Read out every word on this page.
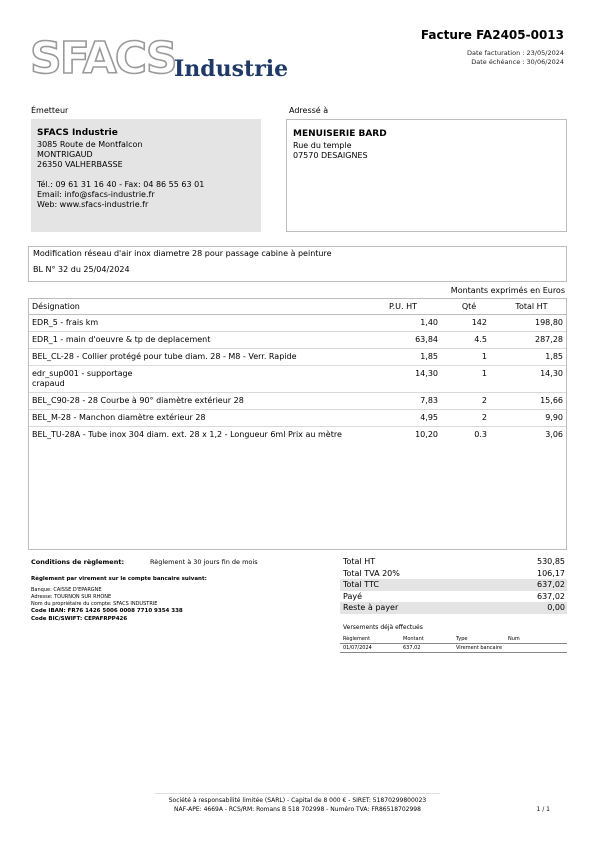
SFACS
Industrie
Facture FA2405-0013
Date facturation : 23/05/2024
Date échéance : 30/06/2024
Émetteur
SFACS Industrie
3085 Route de Montfalcon
MONTRIGAUD
26350 VALHERBASSE
Tél.: 09 61 31 16 40 - Fax: 04 86 55 63 01
Email: info@sfacs-industrie.fr
Web: www.sfacs-industrie.fr
Adressé à
MENUISERIE BARD
Rue du temple
07570 DESAIGNES
Modification réseau d'air inox diametre 28 pour passage cabine à peinture
BL N° 32 du 25/04/2024
Montants exprimés en Euros
Désignation	P.U. HT	Qté	Total HT
EDR_5 - frais km	1,40	142	198,80
EDR_1 - main d'oeuvre & tp de deplacement	63,84	4.5	287,28
BEL_CL-28 - Collier protégé pour tube diam. 28 - M8 - Verr. Rapide	1,85	1	1,85

edr_sup001 - supportage
crapaud	14,30	1	14,30
BEL_C90-28 - 28 Courbe à 90° diamètre extérieur 28	7,83	2	15,66
BEL_M-28 - Manchon diamètre extérieur 28	4,95	2	9,90
BEL_TU-28A - Tube inox 304 diam. ext. 28 x 1,2 - Longueur 6ml Prix au mètre	10,20	0.3	3,06
Conditions de règlement:	Règlement à 30 jours fin de mois
Règlement par virement sur le compte bancaire suivant:
Banque: CAISSE D'EPARGNE
Adresse: TOURNON SUR RHONE
Nom du propriétaire du compte: SFACS INDUSTRIE
Code IBAN: FR76 1426 5006 0008 7710 9354 338
Code BIC/SWIFT: CEPAFRPP426
Total HT	530,85
Total TVA 20%	106,17
Total TTC	637,02
Payé	637,02
Reste à payer	0,00
Versements déjà effectués
Règlement	Montant	Type	Num
01/07/2024	637,02	Virement bancaire
Société à responsabilité limitée (SARL) - Capital de 8 000 € - SIRET: 51870299800023
NAF-APE: 4669A - RCS/RM: Romans B 518 702998 - Numéro TVA: FR86518702998	1 / 1
